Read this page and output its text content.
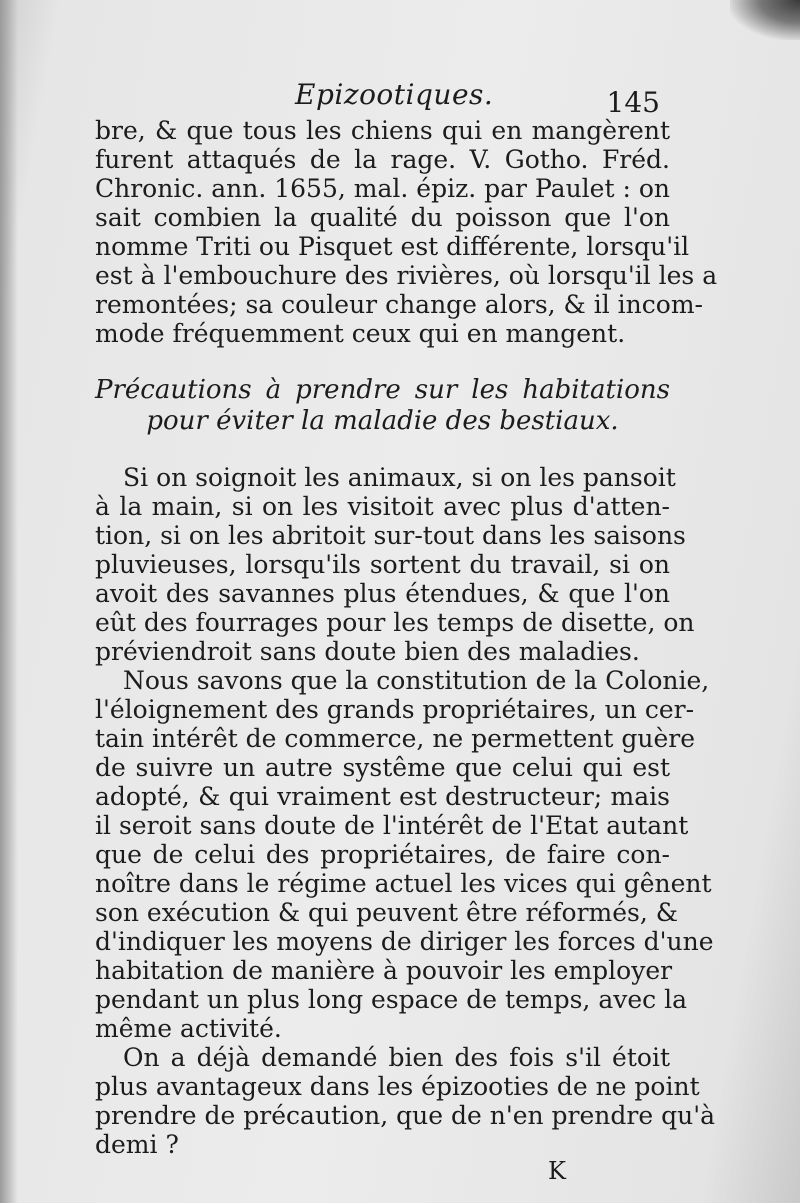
Epizootiques.	145
bre, & que tous les chiens qui en mangèrent
furent attaqués de la rage. V. Gotho. Fréd.
Chronic. ann. 1655, mal. épiz. par Paulet : on
sait combien la qualité du poisson que l'on
nomme Triti ou Pisquet est différente, lorsqu'il
est à l'embouchure des rivières, où lorsqu'il les a
remontées; sa couleur change alors, & il incom-
mode fréquemment ceux qui en mangent.
Précautions à prendre sur les habitations
pour éviter la maladie des bestiaux.
Si on soignoit les animaux, si on les pansoit
à la main, si on les visitoit avec plus d'atten-
tion, si on les abritoit sur-tout dans les saisons
pluvieuses, lorsqu'ils sortent du travail, si on
avoit des savannes plus étendues, & que l'on
eût des fourrages pour les temps de disette, on
préviendroit sans doute bien des maladies.
Nous savons que la constitution de la Colonie,
l'éloignement des grands propriétaires, un cer-
tain intérêt de commerce, ne permettent guère
de suivre un autre systême que celui qui est
adopté, & qui vraiment est destructeur; mais
il seroit sans doute de l'intérêt de l'Etat autant
que de celui des propriétaires, de faire con-
noître dans le régime actuel les vices qui gênent
son exécution & qui peuvent être réformés, &
d'indiquer les moyens de diriger les forces d'une
habitation de manière à pouvoir les employer
pendant un plus long espace de temps, avec la
même activité.
On a déjà demandé bien des fois s'il étoit
plus avantageux dans les épizooties de ne point
prendre de précaution, que de n'en prendre qu'à
demi ?
K
